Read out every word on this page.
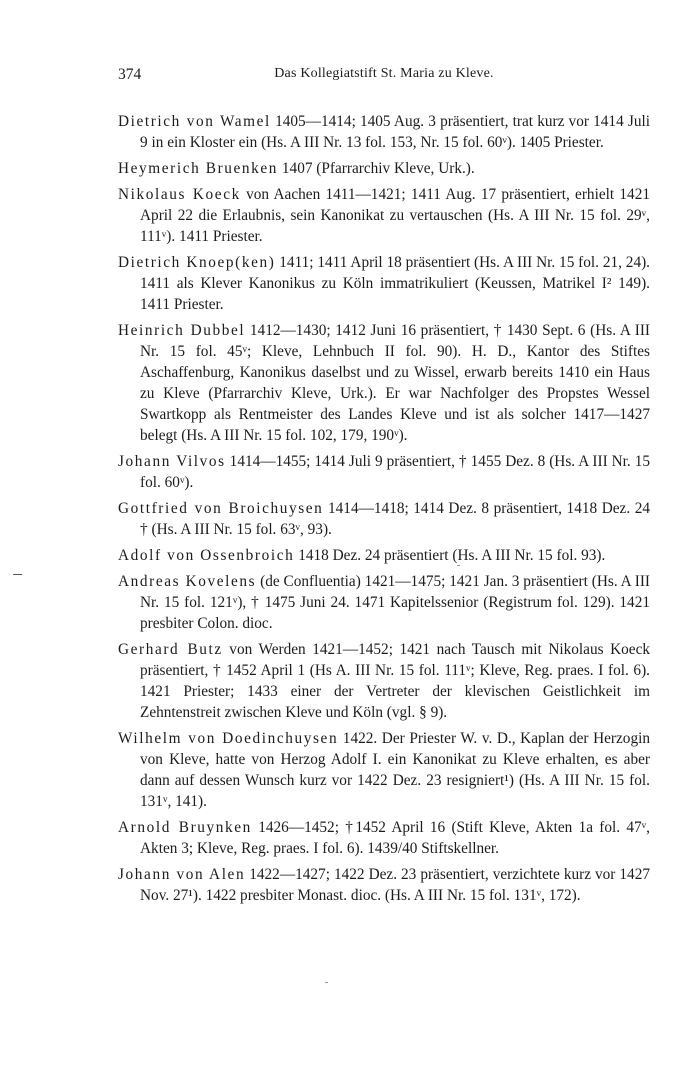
374	Das Kollegiatstift St. Maria zu Kleve.

Dietrich von Wamel 1405—1414; 1405 Aug. 3 präsentiert, trat kurz vor 1414 Juli 9 in ein Kloster ein (Hs. A III Nr. 13 fol. 153, Nr. 15 fol. 60ᵛ). 1405 Priester.

Heymerich Bruenken 1407 (Pfarrarchiv Kleve, Urk.).

Nikolaus Koeck von Aachen 1411—1421; 1411 Aug. 17 präsentiert, erhielt 1421 April 22 die Erlaubnis, sein Kanonikat zu vertauschen (Hs. A III Nr. 15 fol. 29ᵛ, 111ᵛ). 1411 Priester.

Dietrich Knoep(ken) 1411; 1411 April 18 präsentiert (Hs. A III Nr. 15 fol. 21, 24). 1411 als Klever Kanonikus zu Köln immatrikuliert (Keussen, Matrikel I² 149). 1411 Priester.

Heinrich Dubbel 1412—1430; 1412 Juni 16 präsentiert, † 1430 Sept. 6 (Hs. A III Nr. 15 fol. 45ᵛ; Kleve, Lehnbuch II fol. 90). H. D., Kantor des Stiftes Aschaffenburg, Kanonikus daselbst und zu Wissel, erwarb bereits 1410 ein Haus zu Kleve (Pfarrarchiv Kleve, Urk.). Er war Nachfolger des Propstes Wessel Swartkopp als Rentmeister des Landes Kleve und ist als solcher 1417—1427 belegt (Hs. A III Nr. 15 fol. 102, 179, 190ᵛ).

Johann Vilvos 1414—1455; 1414 Juli 9 präsentiert, † 1455 Dez. 8 (Hs. A III Nr. 15 fol. 60ᵛ).

Gottfried von Broichuysen 1414—1418; 1414 Dez. 8 präsentiert, 1418 Dez. 24 † (Hs. A III Nr. 15 fol. 63ᵛ, 93).

Adolf von Ossenbroich 1418 Dez. 24 präsentiert (Hs. A III Nr. 15 fol. 93).

Andreas Kovelens (de Confluentia) 1421—1475; 1421 Jan. 3 präsentiert (Hs. A III Nr. 15 fol. 121ᵛ), † 1475 Juni 24. 1471 Kapitelssenior (Registrum fol. 129). 1421 presbiter Colon. dioc.

Gerhard Butz von Werden 1421—1452; 1421 nach Tausch mit Nikolaus Koeck präsentiert, † 1452 April 1 (Hs A. III Nr. 15 fol. 111ᵛ; Kleve, Reg. praes. I fol. 6). 1421 Priester; 1433 einer der Vertreter der klevischen Geistlichkeit im Zehntenstreit zwischen Kleve und Köln (vgl. § 9).

Wilhelm von Doedinchuysen 1422. Der Priester W. v. D., Kaplan der Herzogin von Kleve, hatte von Herzog Adolf I. ein Kanonikat zu Kleve erhalten, es aber dann auf dessen Wunsch kurz vor 1422 Dez. 23 resigniert¹) (Hs. A III Nr. 15 fol. 131ᵛ, 141).

Arnold Bruynken 1426—1452; †1452 April 16 (Stift Kleve, Akten 1a fol. 47ᵛ, Akten 3; Kleve, Reg. praes. I fol. 6). 1439/40 Stiftskellner.

Johann von Alen 1422—1427; 1422 Dez. 23 präsentiert, verzichtete kurz vor 1427 Nov. 27¹). 1422 presbiter Monast. dioc. (Hs. A III Nr. 15 fol. 131ᵛ, 172).
